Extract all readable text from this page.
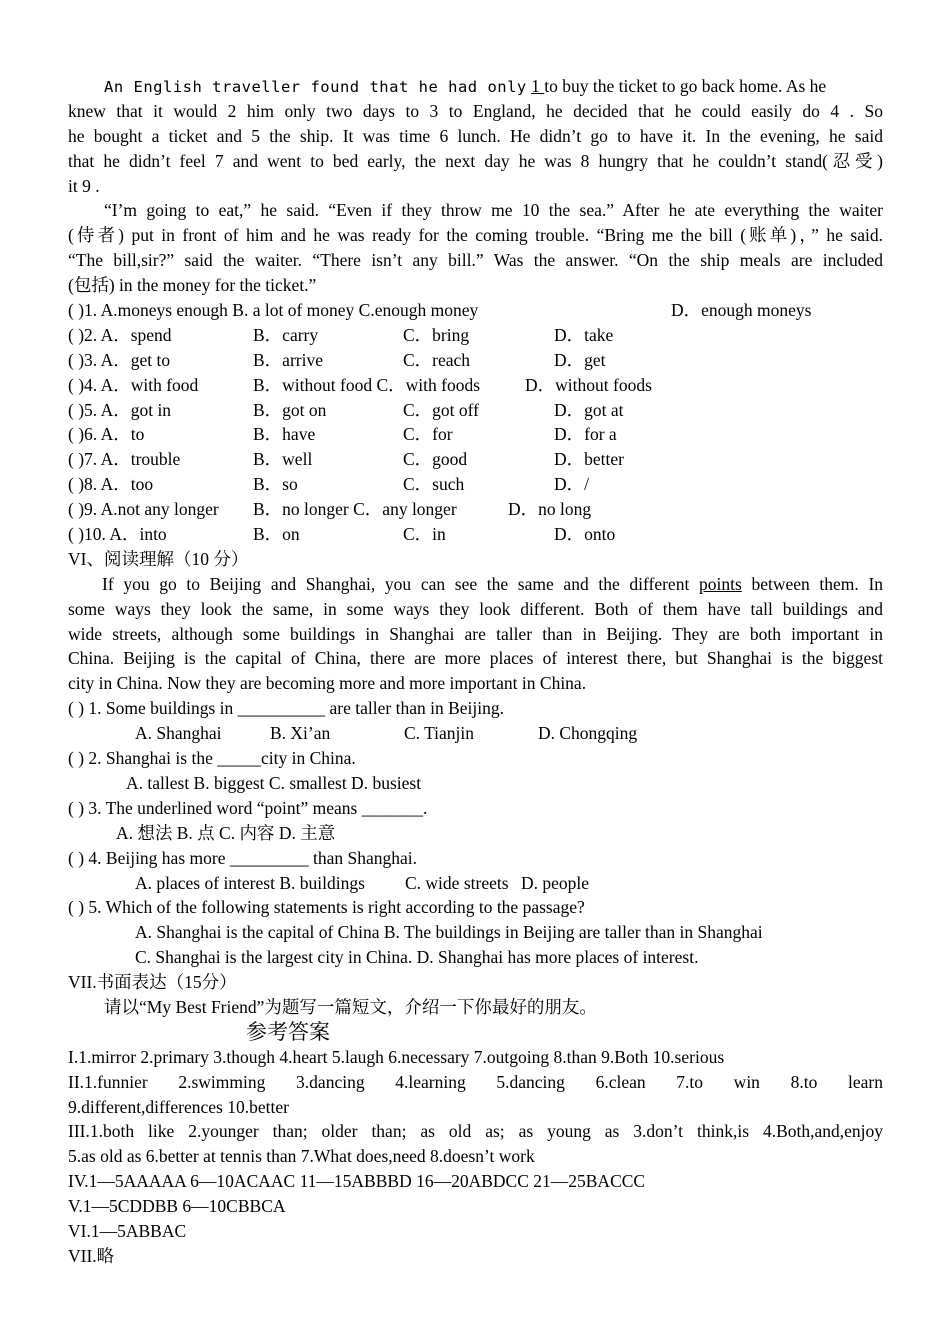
An English traveller found that he had only 1 to buy the ticket to go back home. As he
knew that it would 2 him only two days to 3 to England, he decided that he could easily do 4 . So
he bought a ticket and 5 the ship. It was time 6 lunch. He didn’t go to have it. In the evening, he said
that he didn’t feel 7 and went to bed early, the next day he was 8 hungry that he couldn’t stand(忍受)
it 9 .
“I’m going to eat,” he said. “Even if they throw me 10 the sea.” After he ate everything the waiter
(侍者) put in front of him and he was ready for the coming trouble. “Bring me the bill (账单)，” he said.
“The bill,sir?” said the waiter. “There isn’t any bill.” Was the answer. “On the ship meals are included
(包括) in the money for the ticket.”
( )1. A.moneys enough B. a lot of money C.enough money	D．enough moneys
( )2. A．spend	B．carry	C．bring	D．take
( )3. A．get to	B．arrive	C．reach	D．get
( )4. A．with food	B．without food C．with foods	D．without foods
( )5. A．got in	B．got on	C．got off	D．got at
( )6. A．to	B．have	C．for	D．for a
( )7. A．trouble	B．well	C．good	D．better
( )8. A．too	B．so	C．such	D．/
( )9. A.not any longer	B．no longer C．any longer	D．no long
( )10. A．into	B．on	C．in	D．onto
VI、阅读理解（10 分）
If you go to Beijing and Shanghai, you can see the same and the different points between them. In
some ways they look the same, in some ways they look different. Both of them have tall buildings and
wide streets, although some buildings in Shanghai are taller than in Beijing. They are both important in
China. Beijing is the capital of China, there are more places of interest there, but Shanghai is the biggest
city in China. Now they are becoming more and more important in China.
( ) 1. Some buildings in __________ are taller than in Beijing.
A. Shanghai	B. Xi’an	C. Tianjin	D. Chongqing
( ) 2. Shanghai is the _____city in China.
A. tallest B. biggest C. smallest D. busiest
( ) 3. The underlined word “point” means _______.
A. 想法 B. 点 C. 内容 D. 主意
( ) 4. Beijing has more _________ than Shanghai.
A. places of interest B. buildings	C. wide streets D. people
( ) 5. Which of the following statements is right according to the passage?
A. Shanghai is the capital of China B. The buildings in Beijing are taller than in Shanghai
C. Shanghai is the largest city in China. D. Shanghai has more places of interest.
VII.书面表达（15分）
请以“My Best Friend”为题写一篇短文，介绍一下你最好的朋友。
参考答案
I.1.mirror 2.primary 3.though 4.heart 5.laugh 6.necessary 7.outgoing 8.than 9.Both 10.serious
II.1.funnier 2.swimming 3.dancing 4.learning 5.dancing 6.clean 7.to win 8.to learn
9.different,differences 10.better
III.1.both like 2.younger than; older than; as old as; as young as 3.don’t think,is 4.Both,and,enjoy
5.as old as 6.better at tennis than 7.What does,need 8.doesn’t work
IV.1—5AAAAA 6—10ACAAC 11—15ABBBD 16—20ABDCC 21—25BACCC
V.1—5CDDBB 6—10CBBCA
VI.1—5ABBAC
VII.略
